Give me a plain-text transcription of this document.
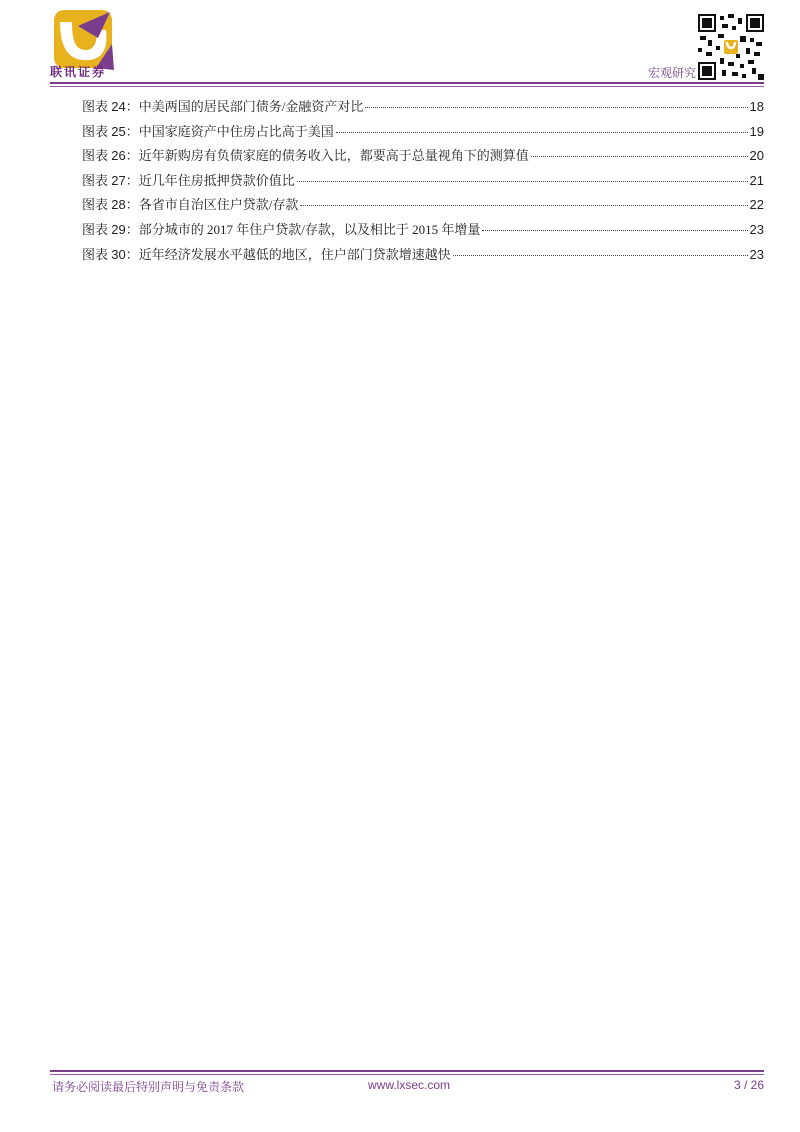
联讯证券	宏观研究
图表 24：中美两国的居民部门债务/金融资产对比	18
图表 25：中国家庭资产中住房占比高于美国	19
图表 26：近年新购房有负债家庭的债务收入比，都要高于总量视角下的测算值	20
图表 27：近几年住房抵押贷款价值比	21
图表 28：各省市自治区住户贷款/存款	22
图表 29：部分城市的 2017 年住户贷款/存款，以及相比于 2015 年增量	23
图表 30：近年经济发展水平越低的地区，住户部门贷款增速越快	23
请务必阅读最后特别声明与免责条款	www.lxsec.com	3 / 26
